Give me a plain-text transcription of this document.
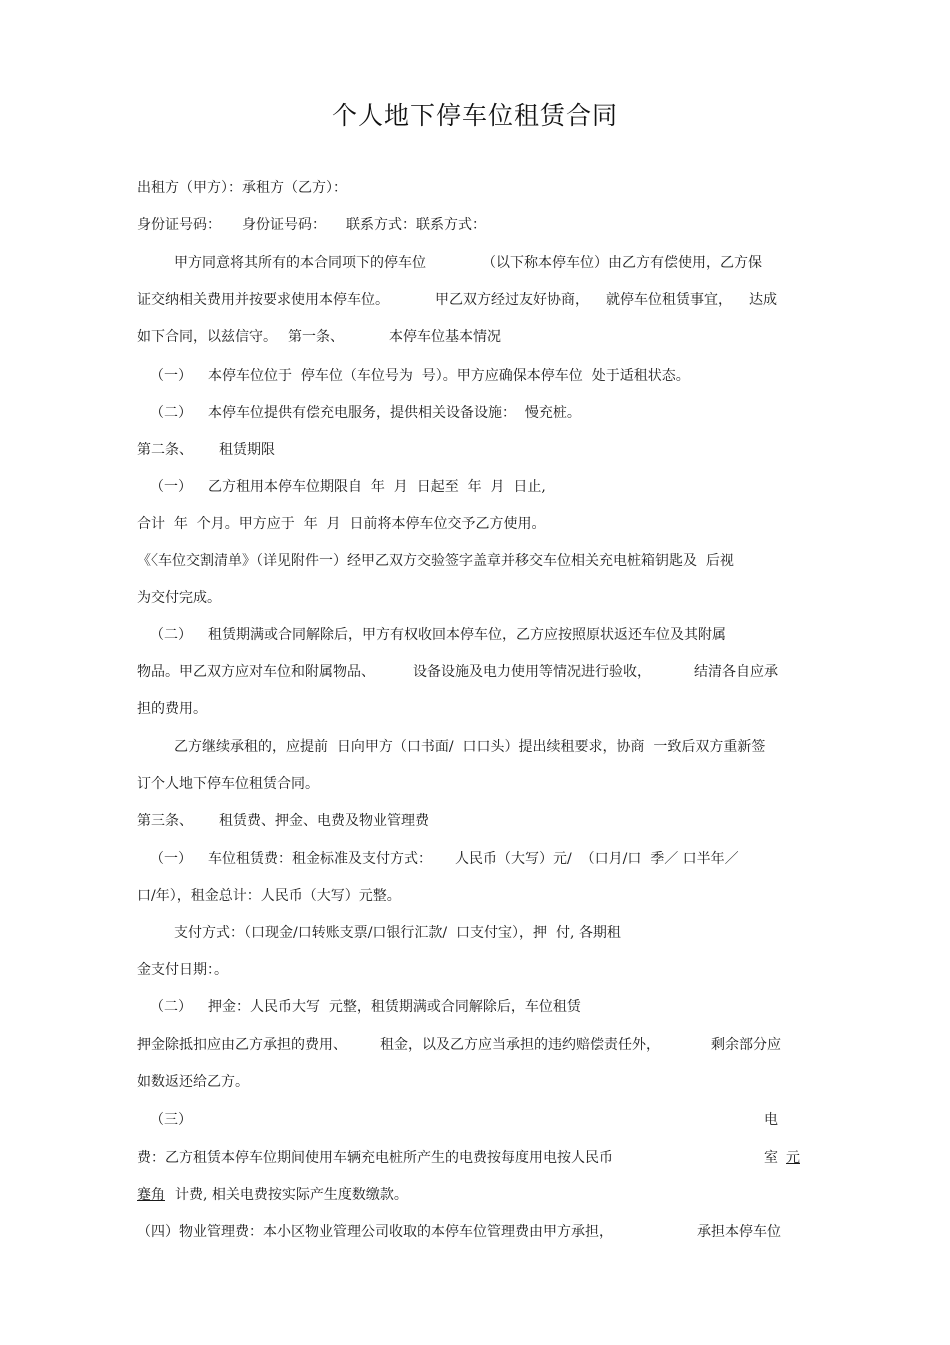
个人地下停车位租赁合同
出租方（甲方）：承租方（乙方）：
身份证号码： 身份证号码： 联系方式：联系方式：
甲方同意将其所有的本合同项下的停车位	（以下称本停车位）由乙方有偿使用，乙方保
证交纳相关费用并按要求使用本停车位。	甲乙双方经过友好协商， 就停车位租赁事宜， 达成
如下合同，以兹信守。 第一条、	本停车位基本情况
（一） 本停车位位于  停车位（车位号为  号）。甲方应确保本停车位  处于适租状态。
（二） 本停车位提供有偿充电服务，提供相关设备设施：  慢充桩。
第二条、 租赁期限
（一） 乙方租用本停车位期限自  年  月  日起至  年  月  日止,
合计  年  个月。甲方应于  年  月  日前将本停车位交予乙方使用。
《〈车位交割清单》（详见附件一）经甲乙双方交验签字盖章并移交车位相关充电桩箱钥匙及  后视
为交付完成。
（二） 租赁期满或合同解除后，甲方有权收回本停车位，乙方应按照原状返还车位及其附属
物品。甲乙双方应对车位和附属物品、	设备设施及电力使用等情况进行验收，	结清各自应承
担的费用。
乙方继续承租的，应提前  日向甲方（口书面/  口口头）提出续租要求，协商  一致后双方重新签
订个人地下停车位租赁合同。
第三条、 租赁费、押金、电费及物业管理费
（一） 车位租赁费：租金标准及支付方式： 人民币（大写）元/  （口月/口  季／ 口半年／
口/年），租金总计：人民币（大写）元整。
支付方式：（口现金/口转账支票/口银行汇款/  口支付宝），押  付, 各期租
金支付日期：。
（二） 押金：人民币大写  元整，租赁期满或合同解除后，车位租赁
押金除抵扣应由乙方承担的费用、 租金，以及乙方应当承担的违约赔偿责任外，	剩余部分应
如数返还给乙方。
（三）	电
费：乙方租赁本停车位期间使用车辆充电桩所产生的电费按每度用电按人民币	室 元
蹇角 计费, 相关电费按实际产生度数缴款。
（四）物业管理费：本小区物业管理公司收取的本停车位管理费由甲方承担，	承担本停车位
